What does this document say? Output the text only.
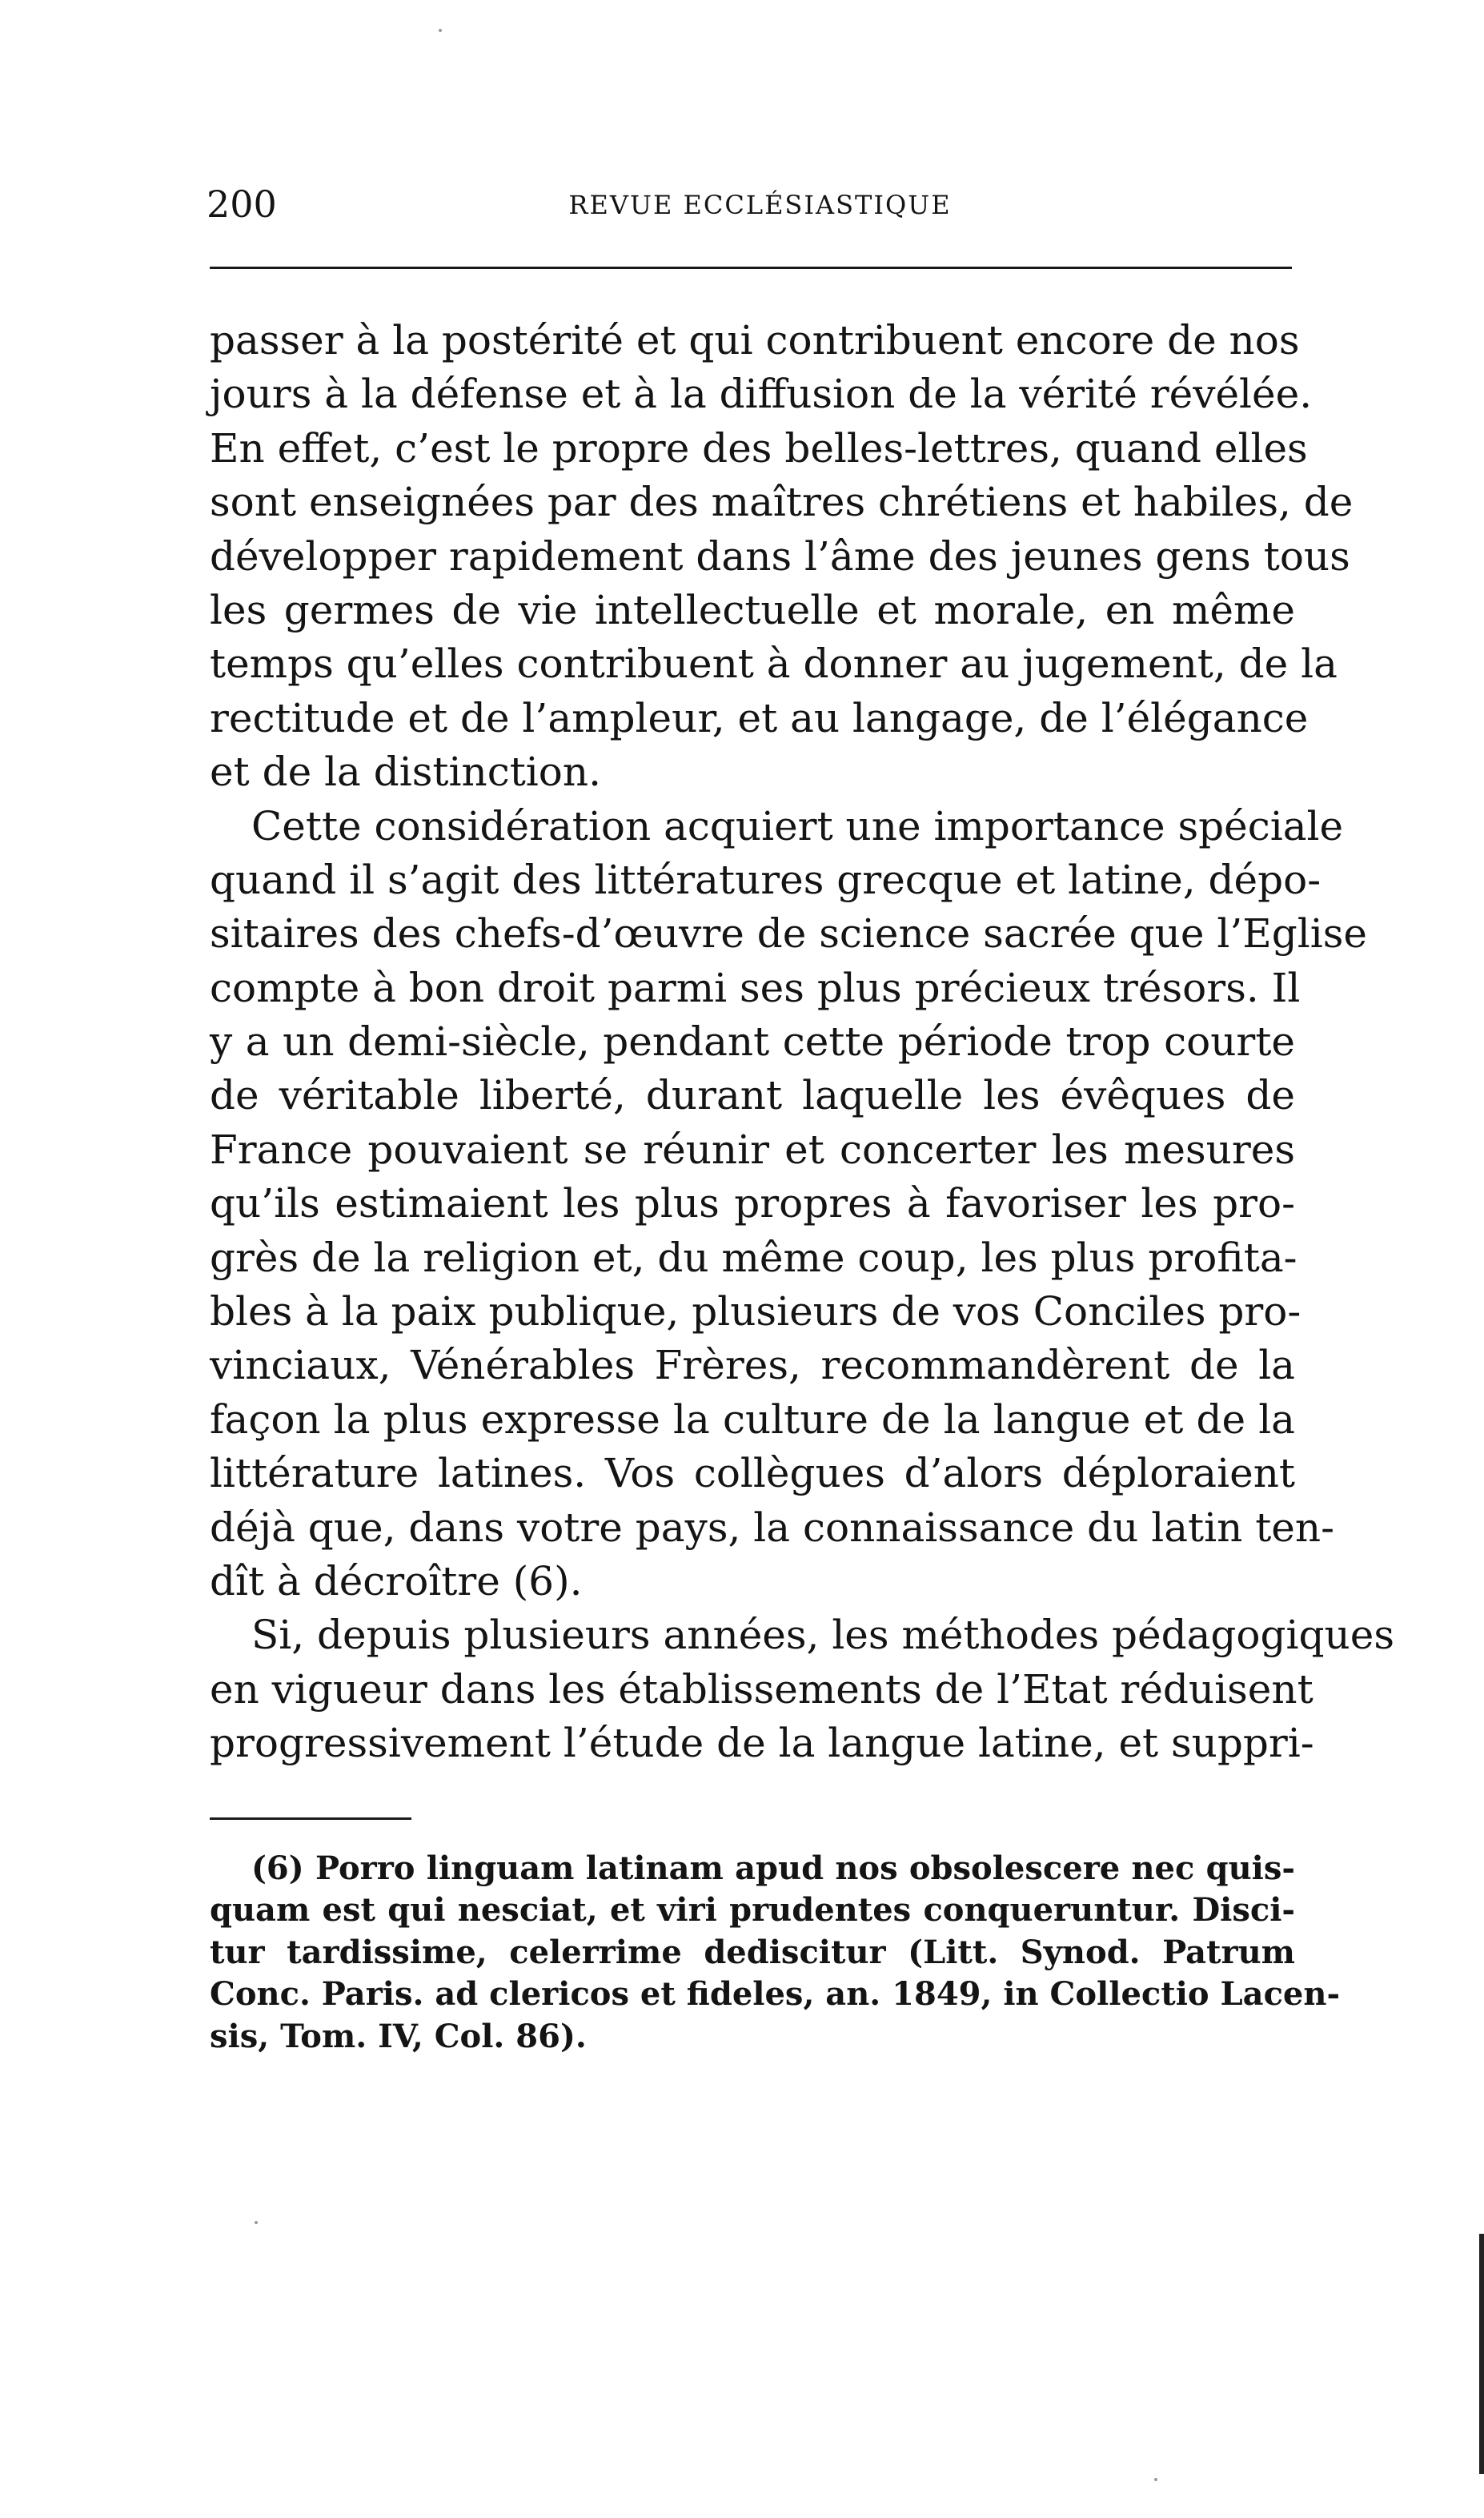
200	REVUE ECCLÉSIASTIQUE
passer à la postérité et qui contribuent encore de nos
jours à la défense et à la diffusion de la vérité révélée.
En effet, c’est le propre des belles-lettres, quand elles
sont enseignées par des maîtres chrétiens et habiles, de
développer rapidement dans l’âme des jeunes gens tous
les germes de vie intellectuelle et morale, en même
temps qu’elles contribuent à donner au jugement, de la
rectitude et de l’ampleur, et au langage, de l’élégance
et de la distinction.
Cette considération acquiert une importance spéciale
quand il s’agit des littératures grecque et latine, dépo-
sitaires des chefs-d’œuvre de science sacrée que l’Eglise
compte à bon droit parmi ses plus précieux trésors. Il
y a un demi-siècle, pendant cette période trop courte
de véritable liberté, durant laquelle les évêques de
France pouvaient se réunir et concerter les mesures
qu’ils estimaient les plus propres à favoriser les pro-
grès de la religion et, du même coup, les plus profita-
bles à la paix publique, plusieurs de vos Conciles pro-
vinciaux, Vénérables Frères, recommandèrent de la
façon la plus expresse la culture de la langue et de la
littérature latines. Vos collègues d’alors déploraient
déjà que, dans votre pays, la connaissance du latin ten-
dît à décroître (6).
Si, depuis plusieurs années, les méthodes pédagogiques
en vigueur dans les établissements de l’Etat réduisent
progressivement l’étude de la langue latine, et suppri-
(6) Porro linguam latinam apud nos obsolescere nec quis-
quam est qui nesciat, et viri prudentes conqueruntur. Disci-
tur tardissime, celerrime dediscitur (Litt. Synod. Patrum
Conc. Paris. ad clericos et fideles, an. 1849, in Collectio Lacen-
sis, Tom. IV, Col. 86).
